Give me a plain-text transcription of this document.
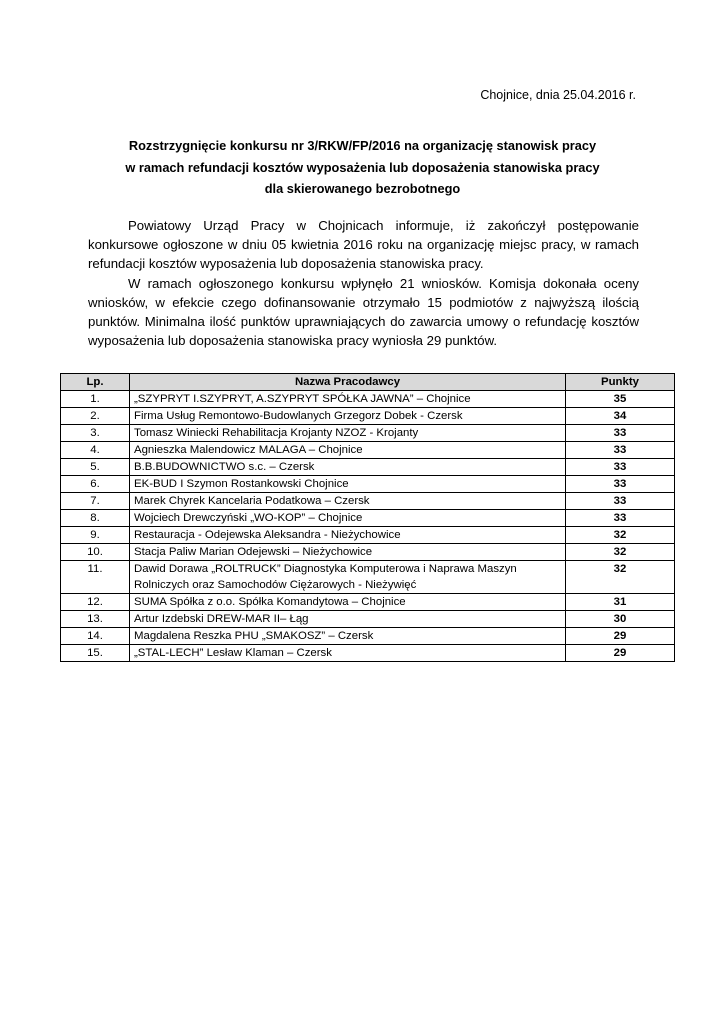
Chojnice, dnia 25.04.2016 r.
Rozstrzygnięcie konkursu nr 3/RKW/FP/2016 na organizację stanowisk pracy
w ramach refundacji kosztów wyposażenia lub doposażenia stanowiska pracy
dla skierowanego bezrobotnego

Powiatowy Urząd Pracy w Chojnicach informuje, iż zakończył postępowanie konkursowe ogłoszone w dniu 05 kwietnia 2016 roku na organizację miejsc pracy, w ramach refundacji kosztów wyposażenia lub doposażenia stanowiska pracy.

W ramach ogłoszonego konkursu wpłynęło 21 wniosków. Komisja dokonała oceny wniosków, w efekcie czego dofinansowanie otrzymało 15 podmiotów z najwyższą ilością punktów. Minimalna ilość punktów uprawniających do zawarcia umowy o refundację kosztów wyposażenia lub doposażenia stanowiska pracy wyniosła 29 punktów.

Lp.	Nazwa Pracodawcy	Punkty
1.	„SZYPRYT I.SZYPRYT, A.SZYPRYT SPÓŁKA JAWNA” – Chojnice	35
2.	Firma Usług Remontowo-Budowlanych Grzegorz Dobek - Czersk	34
3.	Tomasz Winiecki Rehabilitacja Krojanty NZOZ - Krojanty	33
4.	Agnieszka Malendowicz MALAGA – Chojnice	33
5.	B.B.BUDOWNICTWO s.c. – Czersk	33
6.	EK-BUD I Szymon Rostankowski Chojnice	33
7.	Marek Chyrek Kancelaria Podatkowa – Czersk	33
8.	Wojciech Drewczyński „WO-KOP” – Chojnice	33
9.	Restauracja - Odejewska Aleksandra - Nieżychowice	32
10.	Stacja Paliw Marian Odejewski – Nieżychowice	32
11.	Dawid Dorawa „ROLTRUCK” Diagnostyka Komputerowa i Naprawa Maszyn Rolniczych oraz Samochodów Ciężarowych - Nieżywięć	32
12.	SUMA Spółka z o.o. Spółka Komandytowa – Chojnice	31
13.	Artur Izdebski DREW-MAR II– Łąg	30
14.	Magdalena Reszka PHU „SMAKOSZ” – Czersk	29
15.	„STAL-LECH” Lesław Klaman – Czersk	29
